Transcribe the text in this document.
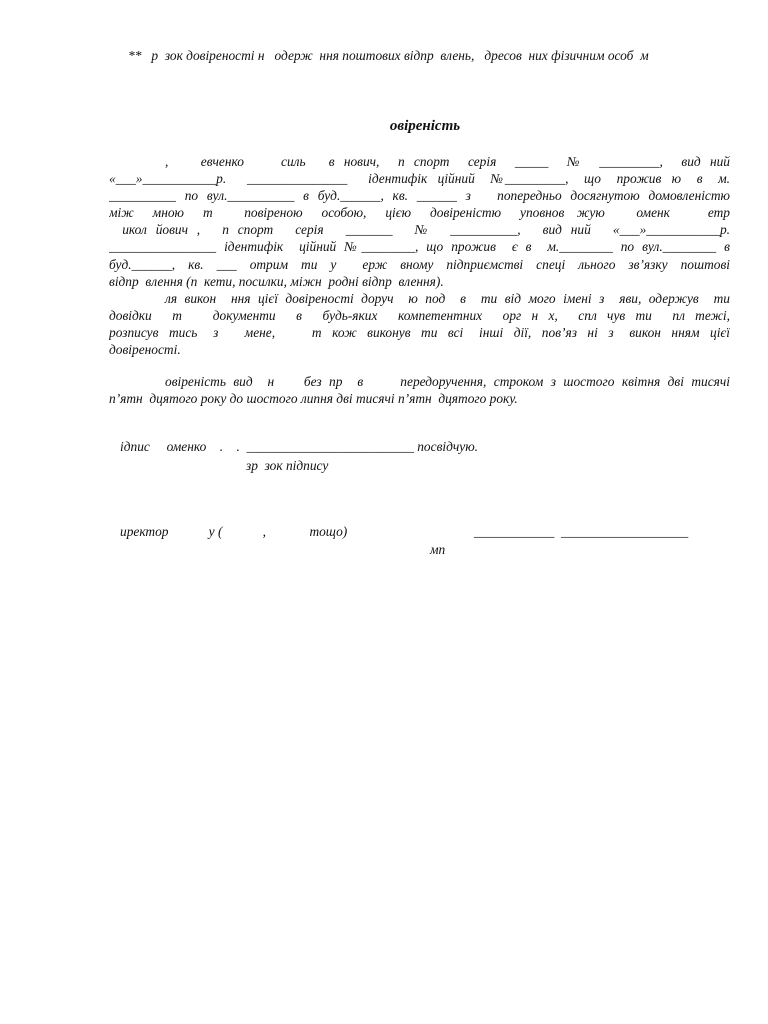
**   р  зок довіреності н   одерж  ння поштових відпр  влень,   дресов  них фізичним особ  м
овіреність
,       евченко        силь     в  нович,    п  спорт    серія    _____    №    _________,    вид  ний
«___»___________р.    _______________    ідентифік  ційний   №_________,   що   прожив  ю   в   м.
__________ по вул.__________ в буд.______, кв. ______ з   попередньо досягнутою домовленістю
між   мною   т     повіреною   особою,   цією   довіреністю   уповнов  жую     оменк      етр
икол  йович  ,     п  спорт     серія     _______     №     __________,     вид  ний     «___»___________р.
________________ ідентифік  ційний №________, що прожив  є в  м.________ по вул.________ в
буд.______,  кв.  ___  отрим  ти  у    ерж  вному  підприємстві  спеці  льного  зв’язку  поштові
відпр  влення (п  кети, посилки, міжн  родні відпр  влення).
ля викон  ння цієї довіреності доруч  ю под  в  ти від мого імені з  яви, одержув  ти
довідки    т      документи    в    будь-яких    компетентних    орг  н  х,    спл  чув  ти    пл  тежі,
розписув  тись   з     мене,       т  кож  виконув  ти  всі   інші  дії,  пов’яз  ні  з   викон  нням  цієї
довіреності.
овіреність вид  н    без пр  в     передоручення, строком з шостого квітня дві тисячі
п’ятн  дцятого року до шостого липня дві тисячі п’ятн  дцятого року.
ідпис     оменко    .    .  _________________________ посвідчую.
зр  зок підпису
иректор            у (            ,             тощо)	____________  ___________________
мп
